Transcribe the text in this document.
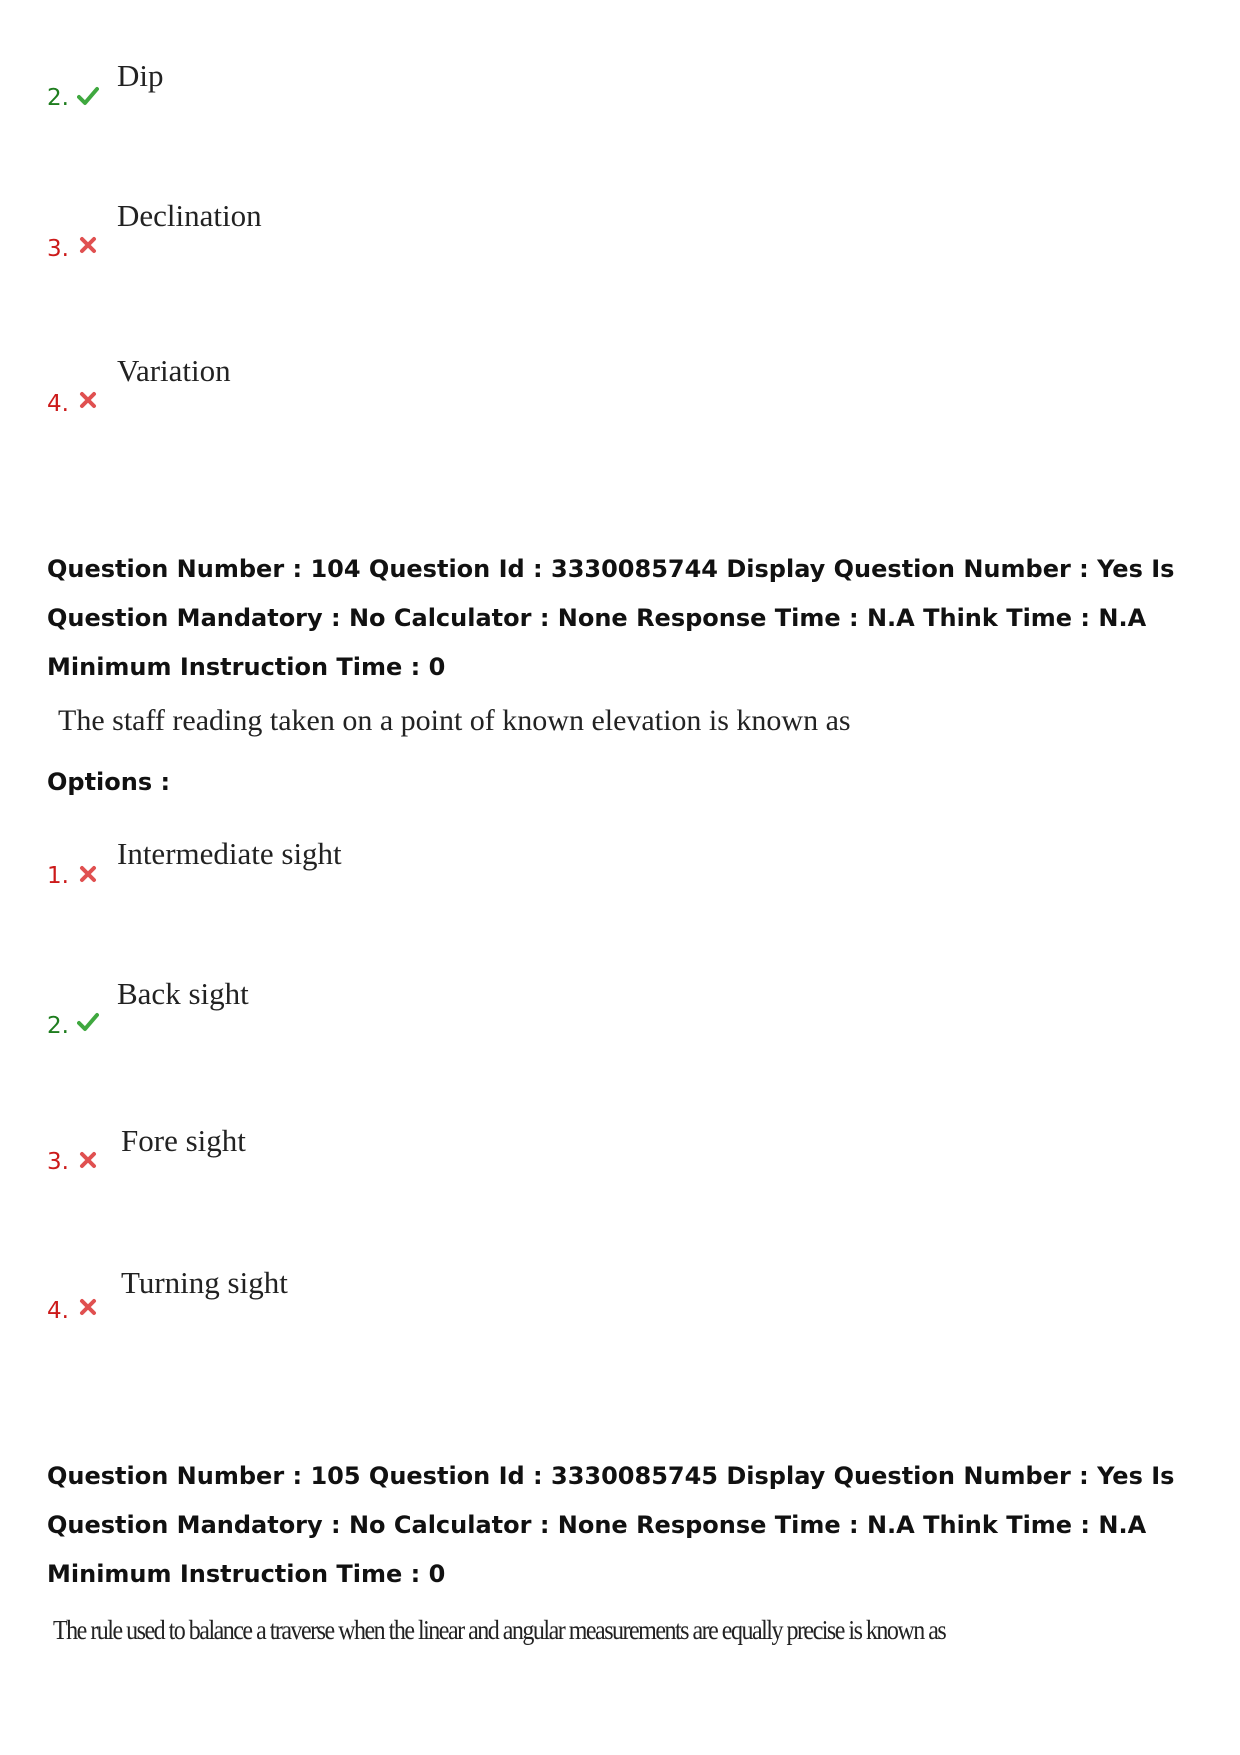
2.
Dip
3.
Declination
4.
Variation
Question Number : 104 Question Id : 3330085744 Display Question Number : Yes Is Question Mandatory : No Calculator : None Response Time : N.A Think Time : N.A Minimum Instruction Time : 0
The staff reading taken on a point of known elevation is known as
Options :
1.
Intermediate sight
2.
Back sight
3.
Fore sight
4.
Turning sight
Question Number : 105 Question Id : 3330085745 Display Question Number : Yes Is Question Mandatory : No Calculator : None Response Time : N.A Think Time : N.A Minimum Instruction Time : 0
The rule used to balance a traverse when the linear and angular measurements are equally precise is known as
